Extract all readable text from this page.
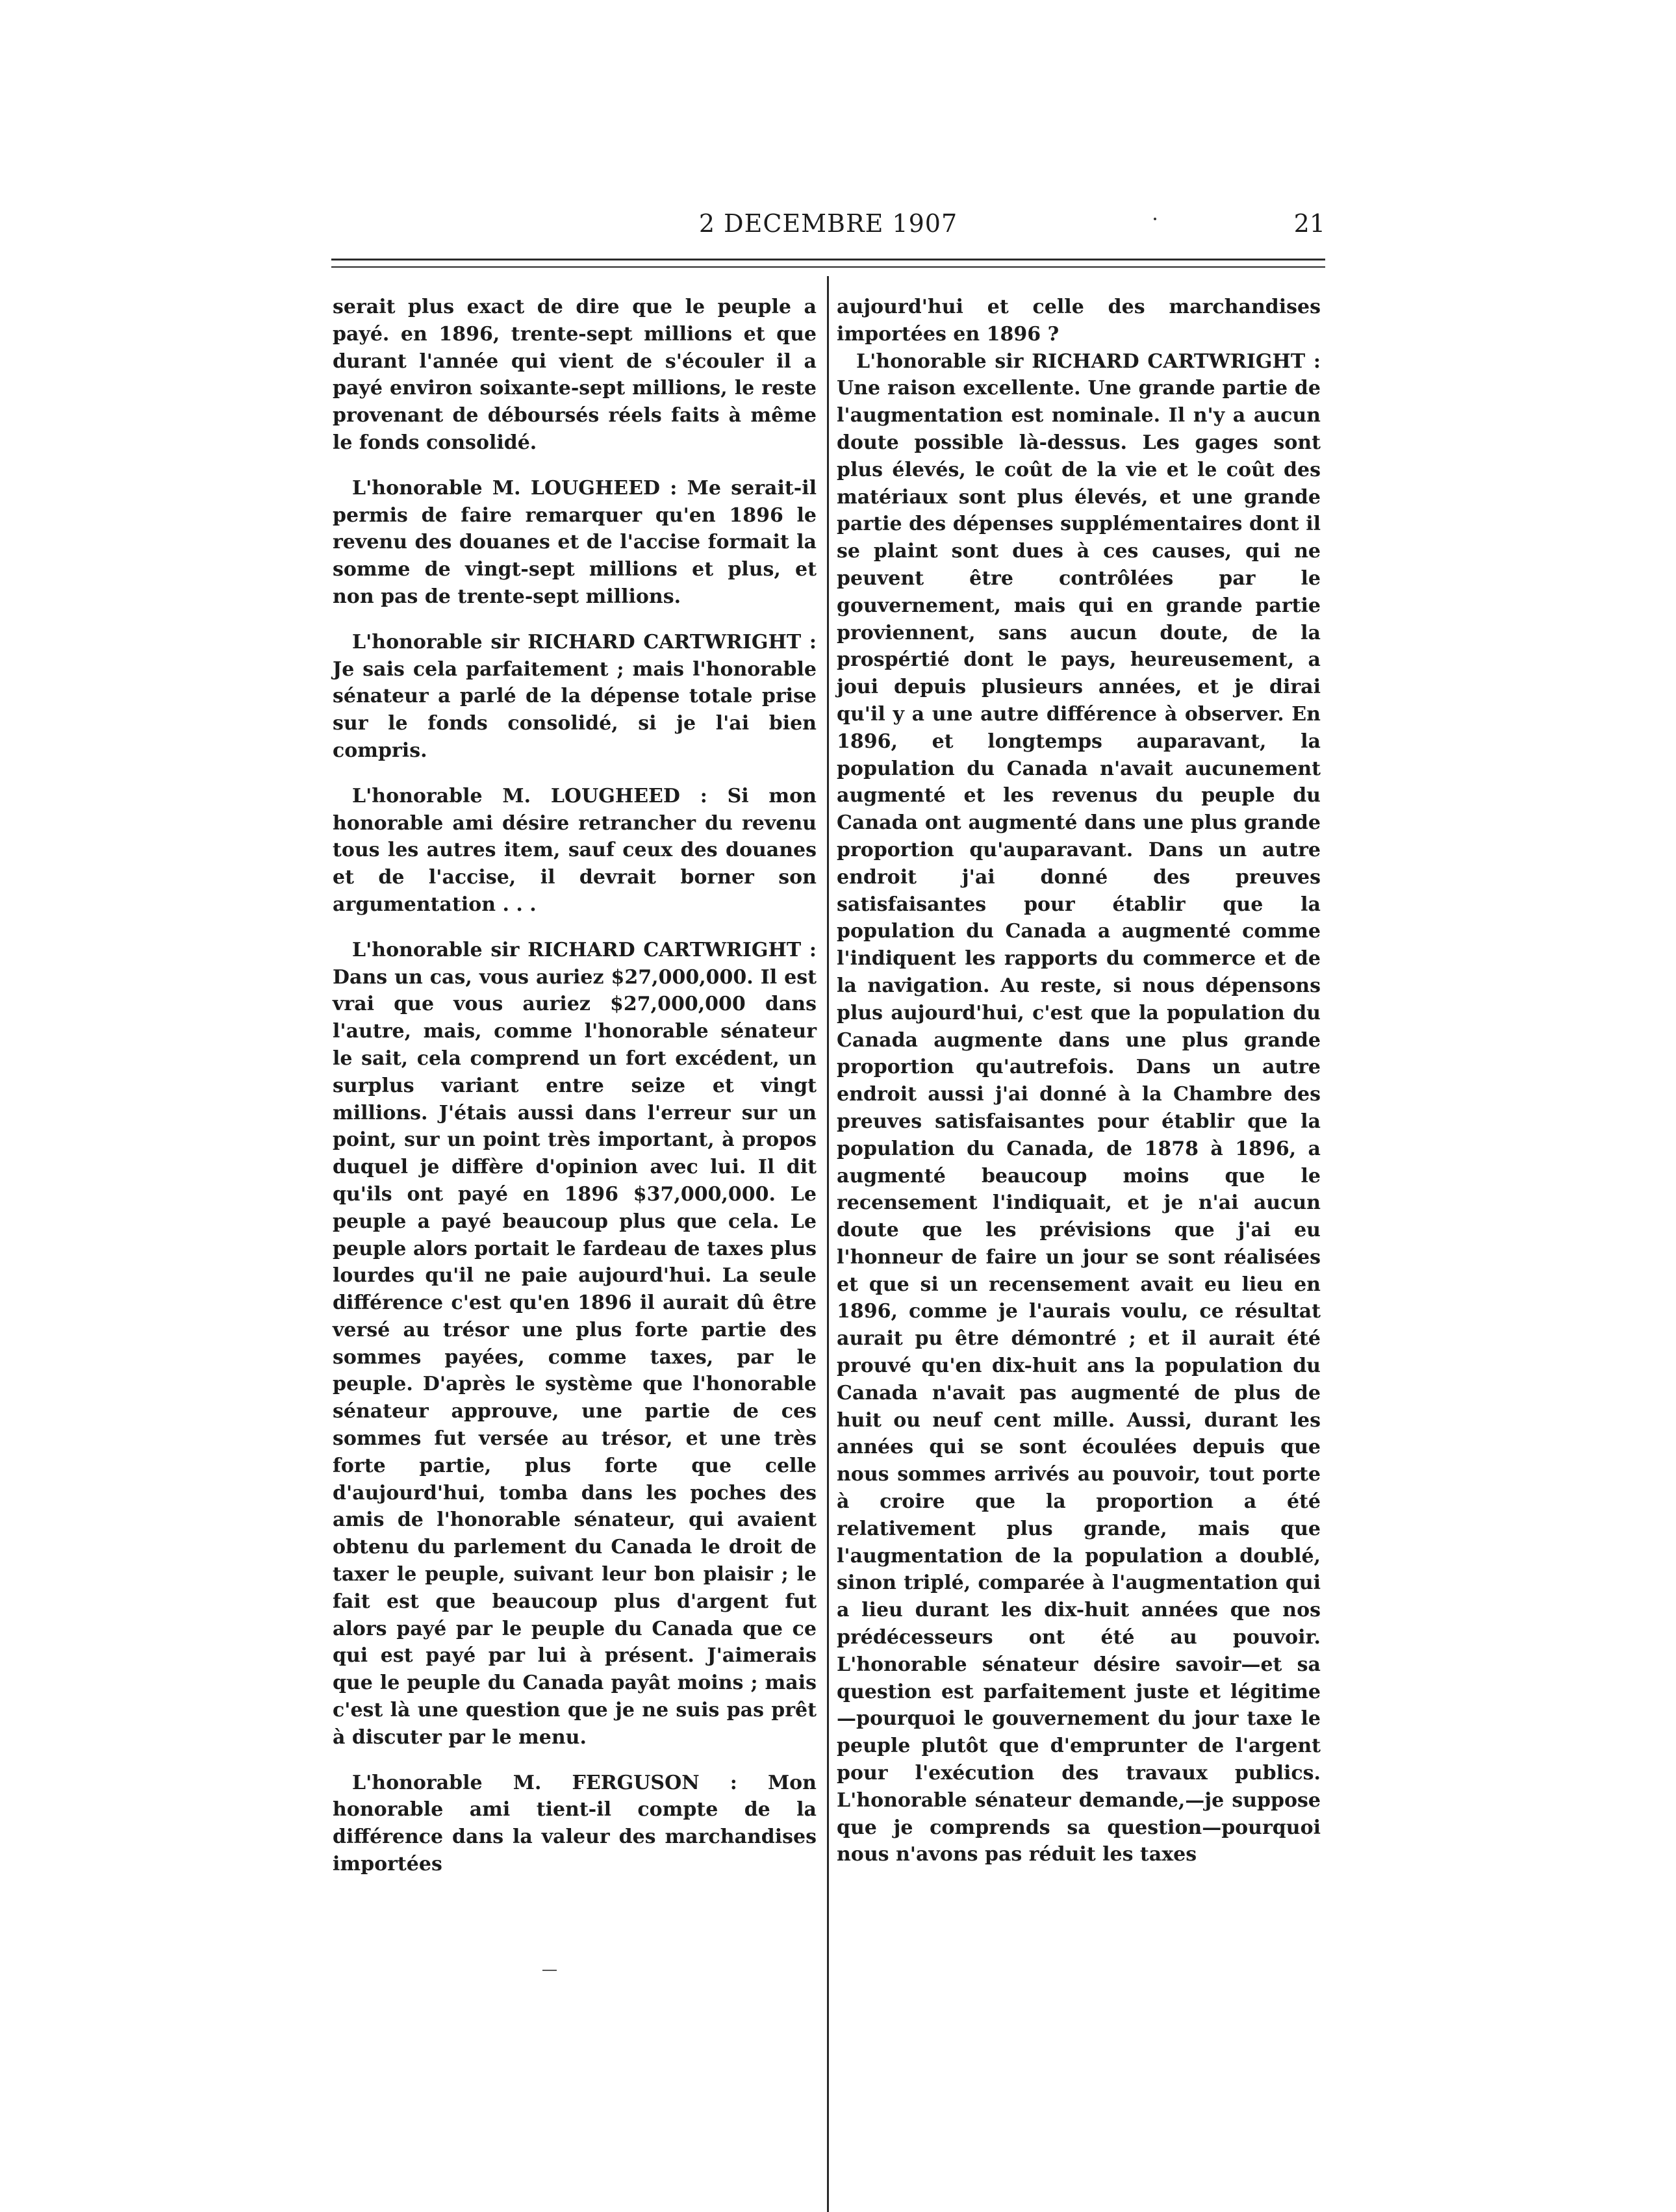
2 DECEMBRE 1907	21

serait plus exact de dire que le peuple a payé. en 1896, trente-sept millions et que durant l'année qui vient de s'écouler il a payé environ soixante-sept millions, le reste provenant de déboursés réels faits à même le fonds consolidé.

L'honorable M. LOUGHEED : Me serait-il permis de faire remarquer qu'en 1896 le revenu des douanes et de l'accise formait la somme de vingt-sept millions et plus, et non pas de trente-sept millions.

L'honorable sir RICHARD CARTWRIGHT : Je sais cela parfaitement ; mais l'honorable sénateur a parlé de la dépense totale prise sur le fonds consolidé, si je l'ai bien compris.

L'honorable M. LOUGHEED : Si mon honorable ami désire retrancher du revenu tous les autres item, sauf ceux des douanes et de l'accise, il devrait borner son argumentation . . .

L'honorable sir RICHARD CARTWRIGHT : Dans un cas, vous auriez $27,000,000. Il est vrai que vous auriez $27,000,000 dans l'autre, mais, comme l'honorable sénateur le sait, cela comprend un fort excédent, un surplus variant entre seize et vingt millions. J'étais aussi dans l'erreur sur un point, sur un point très important, à propos duquel je diffère d'opinion avec lui. Il dit qu'ils ont payé en 1896 $37,000,000. Le peuple a payé beaucoup plus que cela. Le peuple alors portait le fardeau de taxes plus lourdes qu'il ne paie aujourd'hui. La seule différence c'est qu'en 1896 il aurait dû être versé au trésor une plus forte partie des sommes payées, comme taxes, par le peuple. D'après le système que l'honorable sénateur approuve, une partie de ces sommes fut versée au trésor, et une très forte partie, plus forte que celle d'aujourd'hui, tomba dans les poches des amis de l'honorable sénateur, qui avaient obtenu du parlement du Canada le droit de taxer le peuple, suivant leur bon plaisir ; le fait est que beaucoup plus d'argent fut alors payé par le peuple du Canada que ce qui est payé par lui à présent. J'aimerais que le peuple du Canada payât moins ; mais c'est là une question que je ne suis pas prêt à discuter par le menu.

L'honorable M. FERGUSON : Mon honorable ami tient-il compte de la différence dans la valeur des marchandises importées

aujourd'hui et celle des marchandises importées en 1896 ?

L'honorable sir RICHARD CARTWRIGHT : Une raison excellente. Une grande partie de l'augmentation est nominale. Il n'y a aucun doute possible là-dessus. Les gages sont plus élevés, le coût de la vie et le coût des matériaux sont plus élevés, et une grande partie des dépenses supplémentaires dont il se plaint sont dues à ces causes, qui ne peuvent être contrôlées par le gouvernement, mais qui en grande partie proviennent, sans aucun doute, de la prospértié dont le pays, heureusement, a joui depuis plusieurs années, et je dirai qu'il y a une autre différence à observer. En 1896, et longtemps auparavant, la population du Canada n'avait aucunement augmenté et les revenus du peuple du Canada ont augmenté dans une plus grande proportion qu'auparavant. Dans un autre endroit j'ai donné des preuves satisfaisantes pour établir que la population du Canada a augmenté comme l'indiquent les rapports du commerce et de la navigation. Au reste, si nous dépensons plus aujourd'hui, c'est que la population du Canada augmente dans une plus grande proportion qu'autrefois. Dans un autre endroit aussi j'ai donné à la Chambre des preuves satisfaisantes pour établir que la population du Canada, de 1878 à 1896, a augmenté beaucoup moins que le recensement l'indiquait, et je n'ai aucun doute que les prévisions que j'ai eu l'honneur de faire un jour se sont réalisées et que si un recensement avait eu lieu en 1896, comme je l'aurais voulu, ce résultat aurait pu être démontré ; et il aurait été prouvé qu'en dix-huit ans la population du Canada n'avait pas augmenté de plus de huit ou neuf cent mille. Aussi, durant les années qui se sont écoulées depuis que nous sommes arrivés au pouvoir, tout porte à croire que la proportion a été relativement plus grande, mais que l'augmentation de la population a doublé, sinon triplé, comparée à l'augmentation qui a lieu durant les dix-huit années que nos prédécesseurs ont été au pouvoir. L'honorable sénateur désire savoir—et sa question est parfaitement juste et légitime—pourquoi le gouvernement du jour taxe le peuple plutôt que d'emprunter de l'argent pour l'exécution des travaux publics. L'honorable sénateur demande,—je suppose que je comprends sa question—pourquoi nous n'avons pas réduit les taxes
